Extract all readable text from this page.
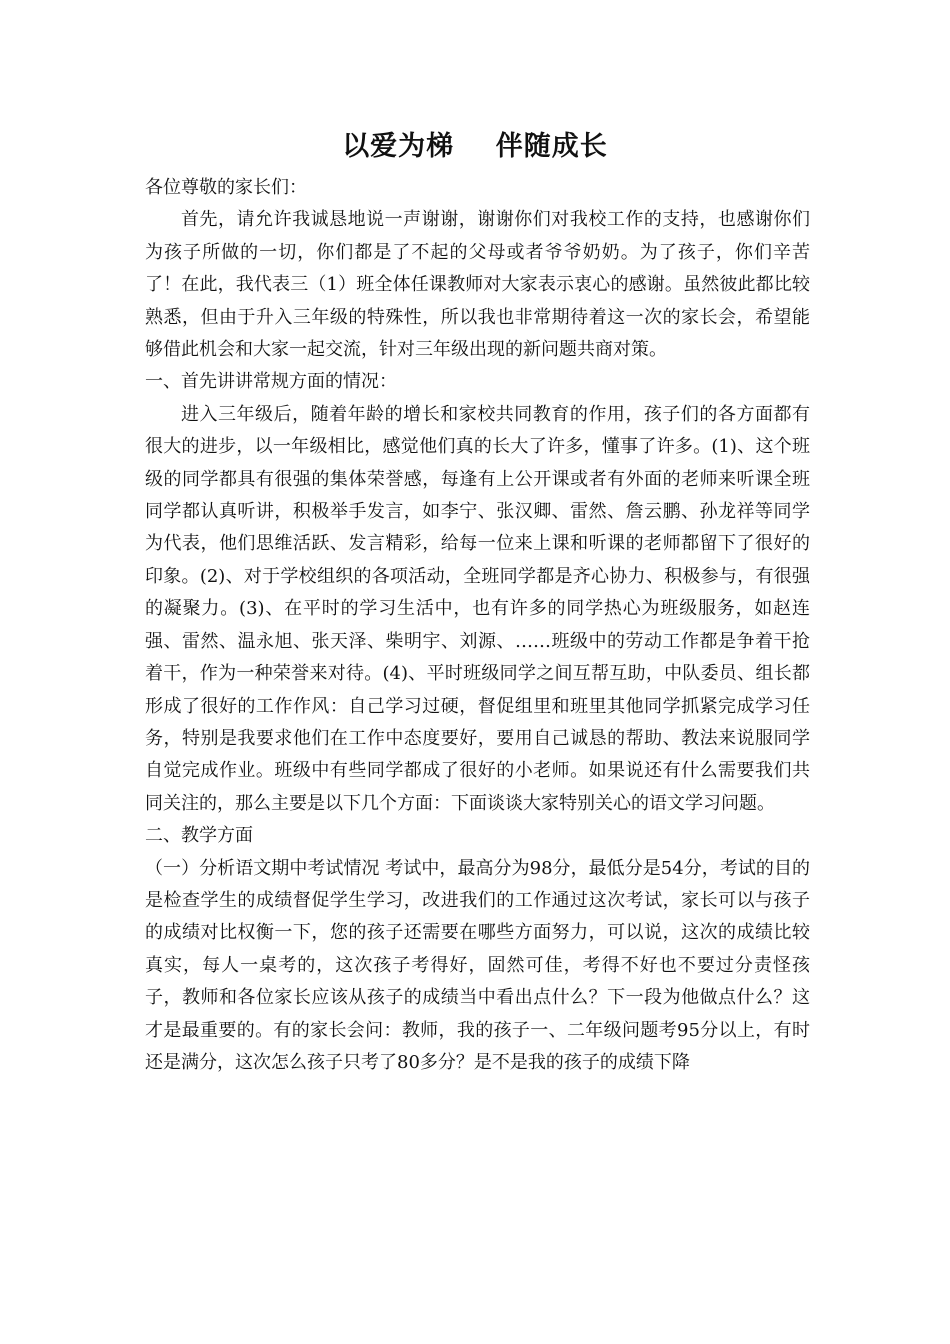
以爱为梯    伴随成长

各位尊敬的家长们：

首先，请允许我诚恳地说一声谢谢，谢谢你们对我校工作的支持，也感谢你们为孩子所做的一切，你们都是了不起的父母或者爷爷奶奶。为了孩子，你们辛苦了！在此，我代表三（1）班全体任课教师对大家表示衷心的感谢。虽然彼此都比较熟悉，但由于升入三年级的特殊性，所以我也非常期待着这一次的家长会，希望能够借此机会和大家一起交流，针对三年级出现的新问题共商对策。

一、首先讲讲常规方面的情况：

进入三年级后，随着年龄的增长和家校共同教育的作用，孩子们的各方面都有很大的进步，以一年级相比，感觉他们真的长大了许多，懂事了许多。(1)、这个班级的同学都具有很强的集体荣誉感，每逢有上公开课或者有外面的老师来听课全班同学都认真听讲，积极举手发言，如李宁、张汉卿、雷然、詹云鹏、孙龙祥等同学为代表，他们思维活跃、发言精彩，给每一位来上课和听课的老师都留下了很好的印象。(2)、对于学校组织的各项活动，全班同学都是齐心协力、积极参与，有很强的凝聚力。(3)、在平时的学习生活中，也有许多的同学热心为班级服务，如赵连强、雷然、温永旭、张天泽、柴明宇、刘源、……班级中的劳动工作都是争着干抢着干，作为一种荣誉来对待。(4)、平时班级同学之间互帮互助，中队委员、组长都形成了很好的工作作风：自己学习过硬，督促组里和班里其他同学抓紧完成学习任务，特别是我要求他们在工作中态度要好，要用自己诚恳的帮助、教法来说服同学自觉完成作业。班级中有些同学都成了很好的小老师。如果说还有什么需要我们共同关注的，那么主要是以下几个方面：下面谈谈大家特别关心的语文学习问题。

二、教学方面

（一）分析语文期中考试情况 考试中，最高分为98分，最低分是54分，考试的目的是检查学生的成绩督促学生学习，改进我们的工作通过这次考试，家长可以与孩子的成绩对比权衡一下，您的孩子还需要在哪些方面努力，可以说，这次的成绩比较真实，每人一桌考的，这次孩子考得好，固然可佳，考得不好也不要过分责怪孩子，教师和各位家长应该从孩子的成绩当中看出点什么？下一段为他做点什么？这才是最重要的。有的家长会问：教师，我的孩子一、二年级问题考95分以上，有时还是满分，这次怎么孩子只考了80多分？是不是我的孩子的成绩下降
